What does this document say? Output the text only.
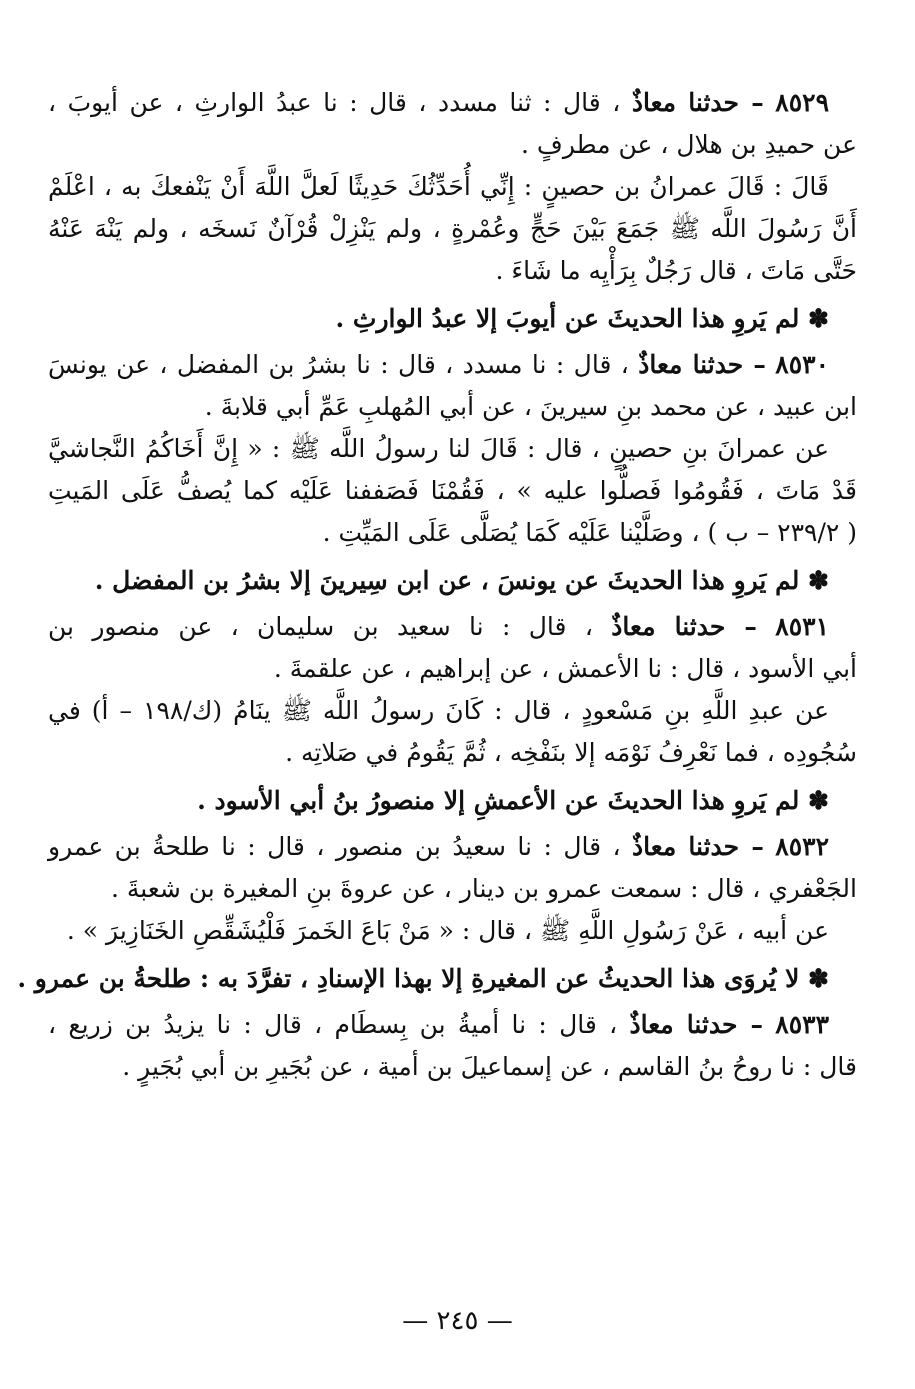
٨٥٢٩ – حدثنا معاذٌ ، قال : ثنا مسدد ، قال : نا عبدُ الوارثِ ، عن أيوبَ ،
عن حميدِ بن هلال ، عن مطرفٍ .
قَالَ : قَالَ عمرانُ بن حصينٍ : إِنِّي أُحَدِّثُكَ حَدِيثًا لَعلَّ اللَّهَ أَنْ يَنْفعكَ به ، اعْلَمْ
أَنَّ رَسُولَ اللَّه ﷺ جَمَعَ بَيْنَ حَجٍّ وعُمْرةٍ ، ولم يَنْزِلْ قُرْآنٌ نَسخَه ، ولم يَنْهَ عَنْهُ
حَتَّى مَاتَ ، قال رَجُلٌ بِرَأْيِه ما شَاءَ .
✽ لم يَروِ هذا الحديثَ عن أيوبَ إلا عبدُ الوارثِ .
٨٥٣٠ – حدثنا معاذٌ ، قال : نا مسدد ، قال : نا بشرُ بن المفضل ، عن يونسَ
ابن عبيد ، عن محمد بنِ سيرينَ ، عن أبي المُهلبِ عَمِّ أبي قلابةَ .
عن عمرانَ بنِ حصينٍ ، قال : قَالَ لنا رسولُ اللَّه ﷺ : « إِنَّ أَخَاكُمُ النَّجاشيَّ
قَدْ مَاتَ ، فَقُومُوا فَصلُّوا عليه » ، فَقُمْنَا فَصَففنا عَلَيْه كما يُصفُّ عَلَى المَيتِ
( ٢٣٩/٢ – ب ) ، وصَلَّيْنا عَلَيْه كَمَا يُصَلَّى عَلَى المَيِّتِ .
✽ لم يَروِ هذا الحديثَ عن يونسَ ، عن ابن سِيرينَ إلا بشرُ بن المفضل .
٨٥٣١ – حدثنا معاذٌ ، قال : نا سعيد بن سليمان ، عن منصور بن
أبي الأسود ، قال : نا الأعمش ، عن إبراهيم ، عن علقمةَ .
عن عبدِ اللَّهِ بنِ مَسْعودٍ ، قال : كَانَ رسولُ اللَّه ﷺ ينَامُ (ك/١٩٨ – أ) في
سُجُودِه ، فما نَعْرِفُ نَوْمَه إلا بنَفْخِه ، ثُمَّ يَقُومُ في صَلاتِه .
✽ لم يَروِ هذا الحديثَ عن الأعمشِ إلا منصورُ بنُ أبي الأسود .
٨٥٣٢ – حدثنا معاذٌ ، قال : نا سعيدُ بن منصور ، قال : نا طلحةُ بن عمرو
الجَعْفري ، قال : سمعت عمرو بن دينار ، عن عروةَ بنِ المغيرة بن شعبةَ .
عن أبيه ، عَنْ رَسُولِ اللَّهِ ﷺ ، قال : « مَنْ بَاعَ الخَمرَ فَلْيُشَقِّصِ الخَنَازِيرَ » .
✽ لا يُروَى هذا الحديثُ عن المغيرةِ إلا بهذا الإسنادِ ، تفرَّدَ به : طلحةُ بن عمرو .
٨٥٣٣ – حدثنا معاذٌ ، قال : نا أميةُ بن بِسطَام ، قال : نا يزيدُ بن زريع ،
قال : نا روحُ بنُ القاسم ، عن إسماعيلَ بن أمية ، عن بُجَيرِ بن أبي بُجَيرٍ .
— ٢٤٥ —
